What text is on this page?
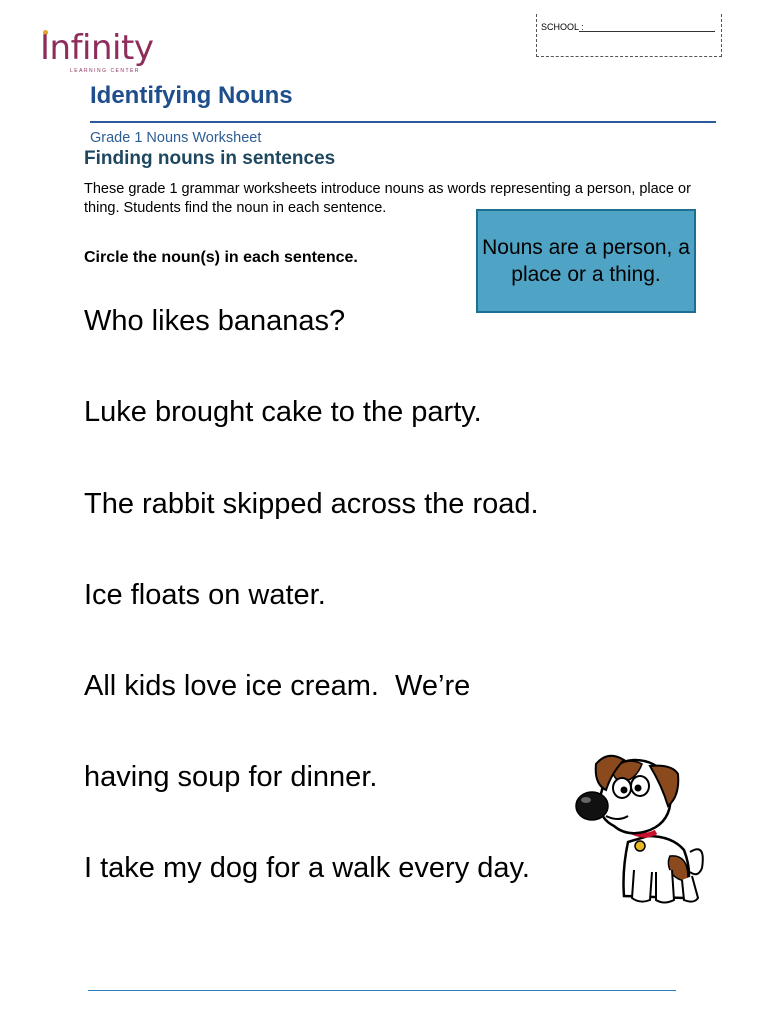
Infinity
LEARNING CENTER
SCHOOL :
Identifying Nouns
Grade 1 Nouns Worksheet
Finding nouns in sentences
These grade 1 grammar worksheets introduce nouns as words representing a person, place or thing. Students find the noun in each sentence.
Circle the noun(s) in each sentence.	Nouns are a person, a place or a thing.
Who likes bananas?
Luke brought cake to the party.
The rabbit skipped across the road.
Ice floats on water.
All kids love ice cream.  We’re
having soup for dinner.
I take my dog for a walk every day.
